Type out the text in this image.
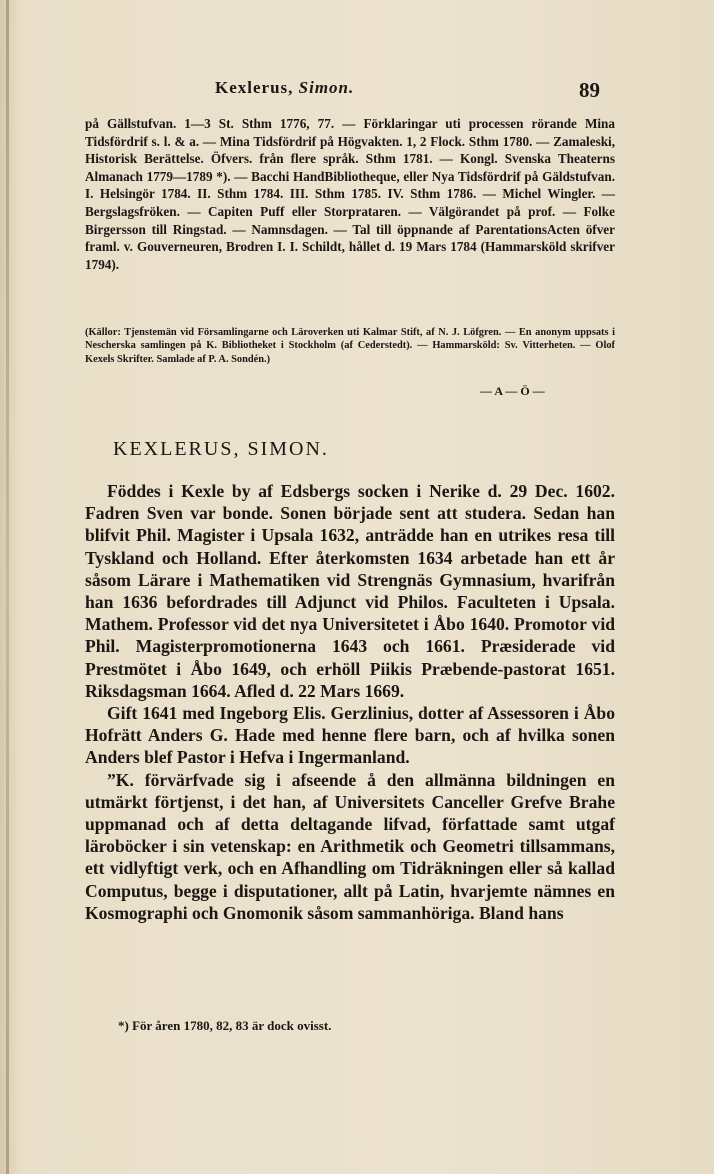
Kexlerus, Simon.	89
på Gällstufvan. 1—3 St. Sthm 1776, 77. — Förklaringar uti processen rörande Mina Tidsfördrif s. l. & a. — Mina Tidsfördrif på Högvakten. 1, 2 Flock. Sthm 1780. — Zamaleski, Historisk Berättelse. Öfvers. från flere språk. Sthm 1781. — Kongl. Svenska Theaterns Almanach 1779—1789 *). — Bacchi HandBibliotheque, eller Nya Tidsfördrif på Gäldstufvan. I. Helsingör 1784. II. Sthm 1784. III. Sthm 1785. IV. Sthm 1786. — Michel Wingler. — Bergslagsfröken. — Capiten Puff eller Storprataren. — Välgörandet på prof. — Folke Birgersson till Ringstad. — Namnsdagen. — Tal till öppnande af ParentationsActen öfver framl. v. Gouverneuren, Brodren I. I. Schildt, hållet d. 19 Mars 1784 (Hammarsköld skrifver 1794).
(Källor: Tjenstemän vid Församlingarne och Läroverken uti Kalmar Stift, af N. J. Löfgren. — En anonym uppsats i Nescherska samlingen på K. Bibliotheket i Stockholm (af Cederstedt). — Hammarsköld: Sv. Vitterheten. — Olof Kexels Skrifter. Samlade af P. A. Sondén.)
— A — Ö —
KEXLERUS, SIMON.

Föddes i Kexle by af Edsbergs socken i Nerike d. 29 Dec. 1602. Fadren Sven var bonde. Sonen började sent att studera. Sedan han blifvit Phil. Magister i Upsala 1632, anträdde han en utrikes resa till Tyskland och Holland. Efter återkomsten 1634 arbetade han ett år såsom Lärare i Mathematiken vid Strengnäs Gymnasium, hvarifrån han 1636 befordrades till Adjunct vid Philos. Faculteten i Upsala. Mathem. Professor vid det nya Universitetet i Åbo 1640. Promotor vid Phil. Magisterpromotionerna 1643 och 1661. Præsiderade vid Prestmötet i Åbo 1649, och erhöll Piikis Præbende-pastorat 1651. Riksdagsman 1664. Afled d. 22 Mars 1669.

Gift 1641 med Ingeborg Elis. Gerzlinius, dotter af Assessoren i Åbo Hofrätt Anders G. Hade med henne flere barn, och af hvilka sonen Anders blef Pastor i Hefva i Ingermanland.

”K. förvärfvade sig i afseende å den allmänna bildningen en utmärkt förtjenst, i det han, af Universitets Canceller Grefve Brahe uppmanad och af detta deltagande lifvad, författade samt utgaf läroböcker i sin vetenskap: en Arithmetik och Geometri tillsammans, ett vidlyftigt verk, och en Afhandling om Tidräkningen eller så kallad Computus, begge i disputationer, allt på Latin, hvarjemte nämnes en Kosmographi och Gnomonik såsom sammanhöriga. Bland hans

*) För åren 1780, 82, 83 är dock ovisst.
